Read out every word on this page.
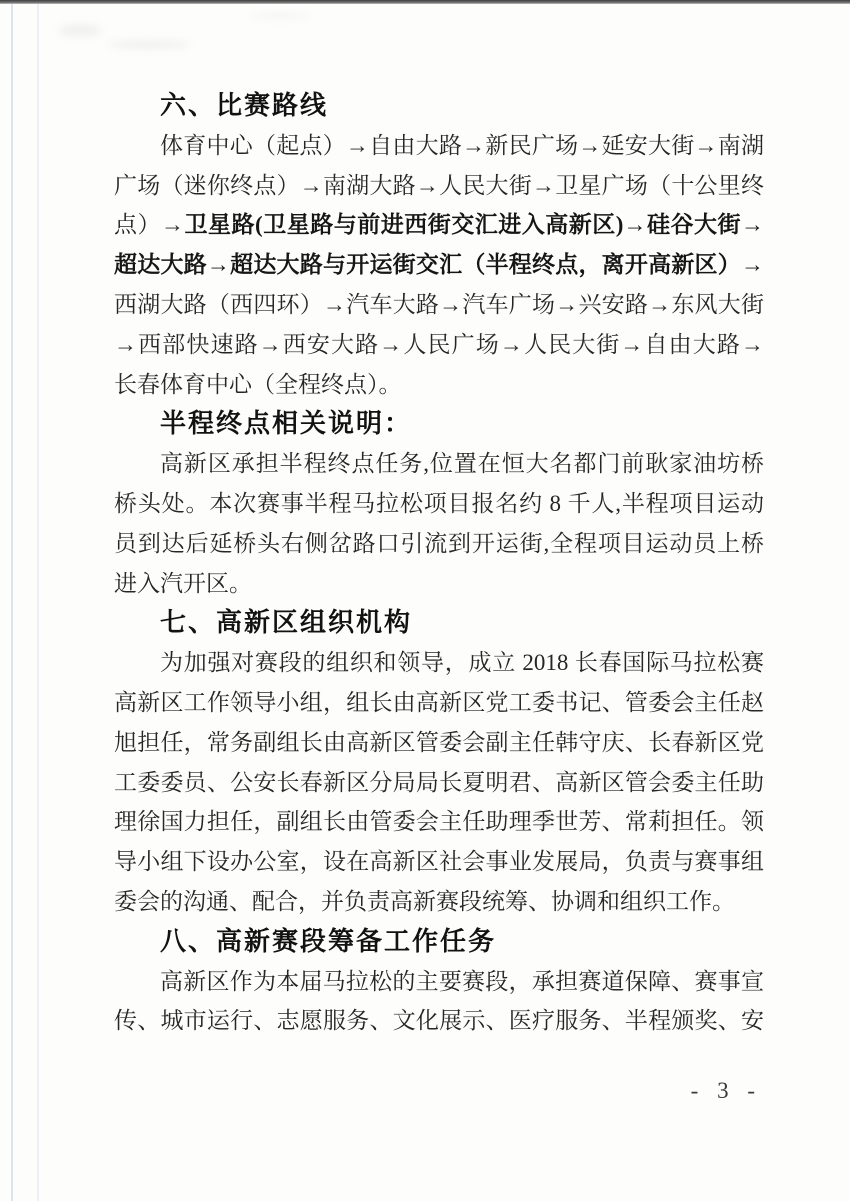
六、比赛路线
体育中心（起点）→自由大路→新民广场→延安大街→南湖
广场（迷你终点）→南湖大路→人民大街→卫星广场（十公里终
点）→卫星路(卫星路与前进西街交汇进入高新区)→硅谷大街→
超达大路→超达大路与开运街交汇（半程终点，离开高新区）→
西湖大路（西四环）→汽车大路→汽车广场→兴安路→东风大街
→西部快速路→西安大路→人民广场→人民大街→自由大路→
长春体育中心（全程终点）。
半程终点相关说明：
高新区承担半程终点任务,位置在恒大名都门前耿家油坊桥
桥头处。本次赛事半程马拉松项目报名约 8 千人,半程项目运动
员到达后延桥头右侧岔路口引流到开运街,全程项目运动员上桥
进入汽开区。
七、高新区组织机构
为加强对赛段的组织和领导，成立 2018 长春国际马拉松赛
高新区工作领导小组，组长由高新区党工委书记、管委会主任赵
旭担任，常务副组长由高新区管委会副主任韩守庆、长春新区党
工委委员、公安长春新区分局局长夏明君、高新区管会委主任助
理徐国力担任，副组长由管委会主任助理季世芳、常莉担任。领
导小组下设办公室，设在高新区社会事业发展局，负责与赛事组
委会的沟通、配合，并负责高新赛段统筹、协调和组织工作。
八、高新赛段筹备工作任务
高新区作为本届马拉松的主要赛段，承担赛道保障、赛事宣
传、城市运行、志愿服务、文化展示、医疗服务、半程颁奖、安
- 3 -
